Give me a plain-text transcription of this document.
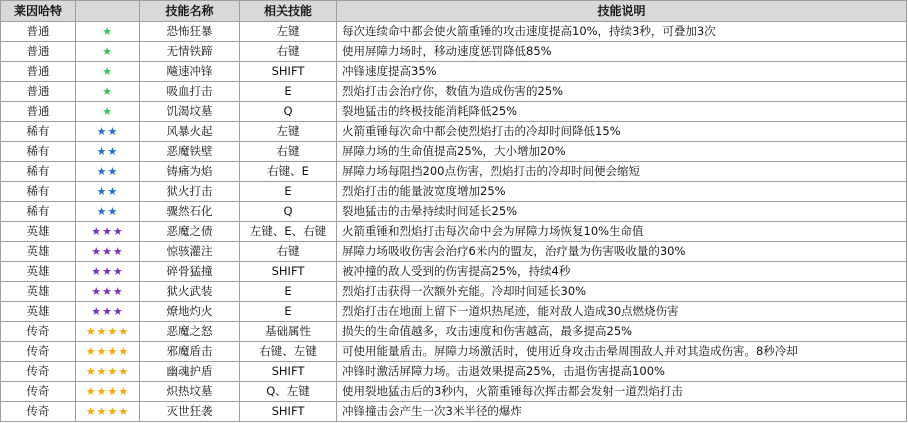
莱因哈特		技能名称	相关技能	技能说明
普通	★	恐怖狂暴	左键	每次连续命中都会使火箭重锤的攻击速度提高10%，持续3秒，可叠加3次
普通	★	无情铁蹄	右键	使用屏障力场时，移动速度惩罚降低85%
普通	★	飚速冲锋	SHIFT	冲锋速度提高35%
普通	★	吸血打击	E	烈焰打击会治疗你，数值为造成伤害的25%
普通	★	饥渴坟墓	Q	裂地猛击的终极技能消耗降低25%
稀有	★★	风暴火起	左键	火箭重锤每次命中都会使烈焰打击的冷却时间降低15%
稀有	★★	恶魔铁壁	右键	屏障力场的生命值提高25%，大小增加20%
稀有	★★	铸痛为焰	右键、E	屏障力场每阻挡200点伤害，烈焰打击的冷却时间便会缩短
稀有	★★	狱火打击	E	烈焰打击的能量波宽度增加25%
稀有	★★	骤然石化	Q	裂地猛击的击晕持续时间延长25%
英雄	★★★	恶魔之债	左键、E、右键	火箭重锤和烈焰打击每次命中会为屏障力场恢复10%生命值
英雄	★★★	惊骇灌注	右键	屏障力场吸收伤害会治疗6米内的盟友，治疗量为伤害吸收量的30%
英雄	★★★	碎骨猛撞	SHIFT	被冲撞的敌人受到的伤害提高25%，持续4秒
英雄	★★★	狱火武装	E	烈焰打击获得一次额外充能。冷却时间延长30%
英雄	★★★	燎地灼火	E	烈焰打击在地面上留下一道炽热尾迹，能对敌人造成30点燃烧伤害
传奇	★★★★	恶魔之怒	基础属性	损失的生命值越多，攻击速度和伤害越高，最多提高25%
传奇	★★★★	邪魔盾击	右键、左键	可使用能量盾击。屏障力场激活时，使用近身攻击击晕周围敌人并对其造成伤害。8秒冷却
传奇	★★★★	幽魂护盾	SHIFT	冲锋时激活屏障力场。击退效果提高25%，击退伤害提高100%
传奇	★★★★	炽热坟墓	Q、左键	使用裂地猛击后的3秒内，火箭重锤每次挥击都会发射一道烈焰打击
传奇	★★★★	灭世狂袭	SHIFT	冲锋撞击会产生一次3米半径的爆炸
